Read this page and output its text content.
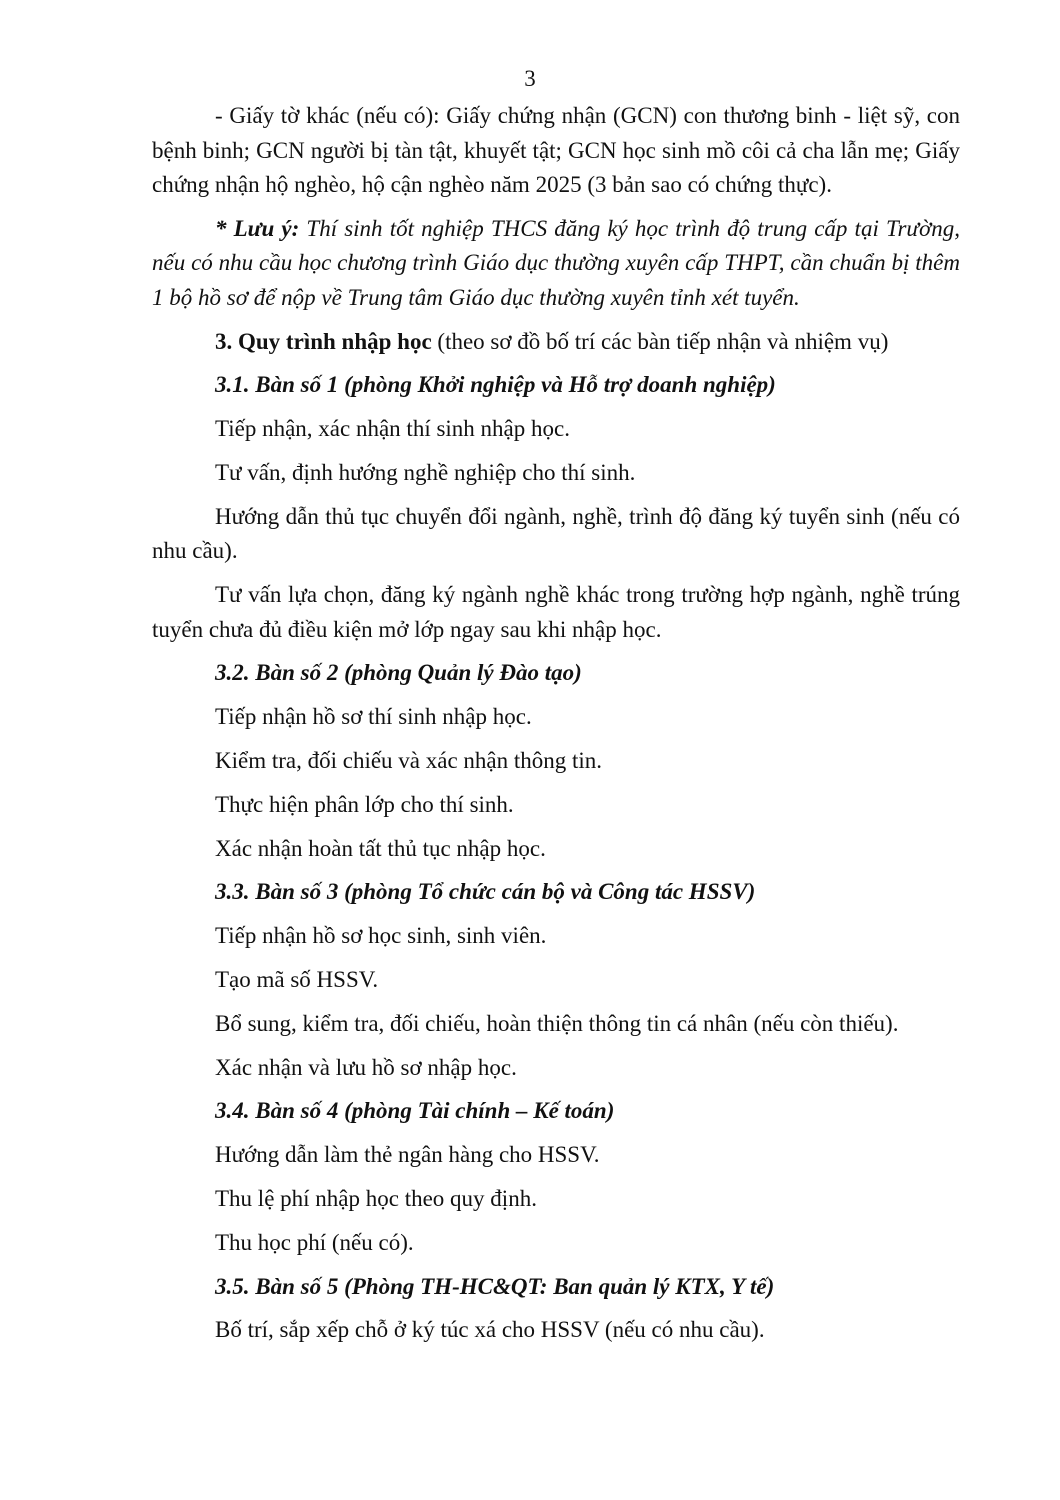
3

- Giấy tờ khác (nếu có): Giấy chứng nhận (GCN) con thương binh - liệt sỹ, con bệnh binh; GCN người bị tàn tật, khuyết tật; GCN học sinh mồ côi cả cha lẫn mẹ; Giấy chứng nhận hộ nghèo, hộ cận nghèo năm 2025 (3 bản sao có chứng thực).

* Lưu ý: Thí sinh tốt nghiệp THCS đăng ký học trình độ trung cấp tại Trường, nếu có nhu cầu học chương trình Giáo dục thường xuyên cấp THPT, cần chuẩn bị thêm 1 bộ hồ sơ để nộp về Trung tâm Giáo dục thường xuyên tỉnh xét tuyển.

3. Quy trình nhập học (theo sơ đồ bố trí các bàn tiếp nhận và nhiệm vụ)

3.1. Bàn số 1 (phòng Khởi nghiệp và Hỗ trợ doanh nghiệp)

Tiếp nhận, xác nhận thí sinh nhập học.

Tư vấn, định hướng nghề nghiệp cho thí sinh.

Hướng dẫn thủ tục chuyển đổi ngành, nghề, trình độ đăng ký tuyển sinh (nếu có nhu cầu).

Tư vấn lựa chọn, đăng ký ngành nghề khác trong trường hợp ngành, nghề trúng tuyển chưa đủ điều kiện mở lớp ngay sau khi nhập học.

3.2. Bàn số 2 (phòng Quản lý Đào tạo)

Tiếp nhận hồ sơ thí sinh nhập học.

Kiểm tra, đối chiếu và xác nhận thông tin.

Thực hiện phân lớp cho thí sinh.

Xác nhận hoàn tất thủ tục nhập học.

3.3. Bàn số 3 (phòng Tổ chức cán bộ và Công tác HSSV)

Tiếp nhận hồ sơ học sinh, sinh viên.

Tạo mã số HSSV.

Bổ sung, kiểm tra, đối chiếu, hoàn thiện thông tin cá nhân (nếu còn thiếu).

Xác nhận và lưu hồ sơ nhập học.

3.4. Bàn số 4 (phòng Tài chính – Kế toán)

Hướng dẫn làm thẻ ngân hàng cho HSSV.

Thu lệ phí nhập học theo quy định.

Thu học phí (nếu có).

3.5. Bàn số 5 (Phòng TH-HC&QT: Ban quản lý KTX, Y tế)

Bố trí, sắp xếp chỗ ở ký túc xá cho HSSV (nếu có nhu cầu).
